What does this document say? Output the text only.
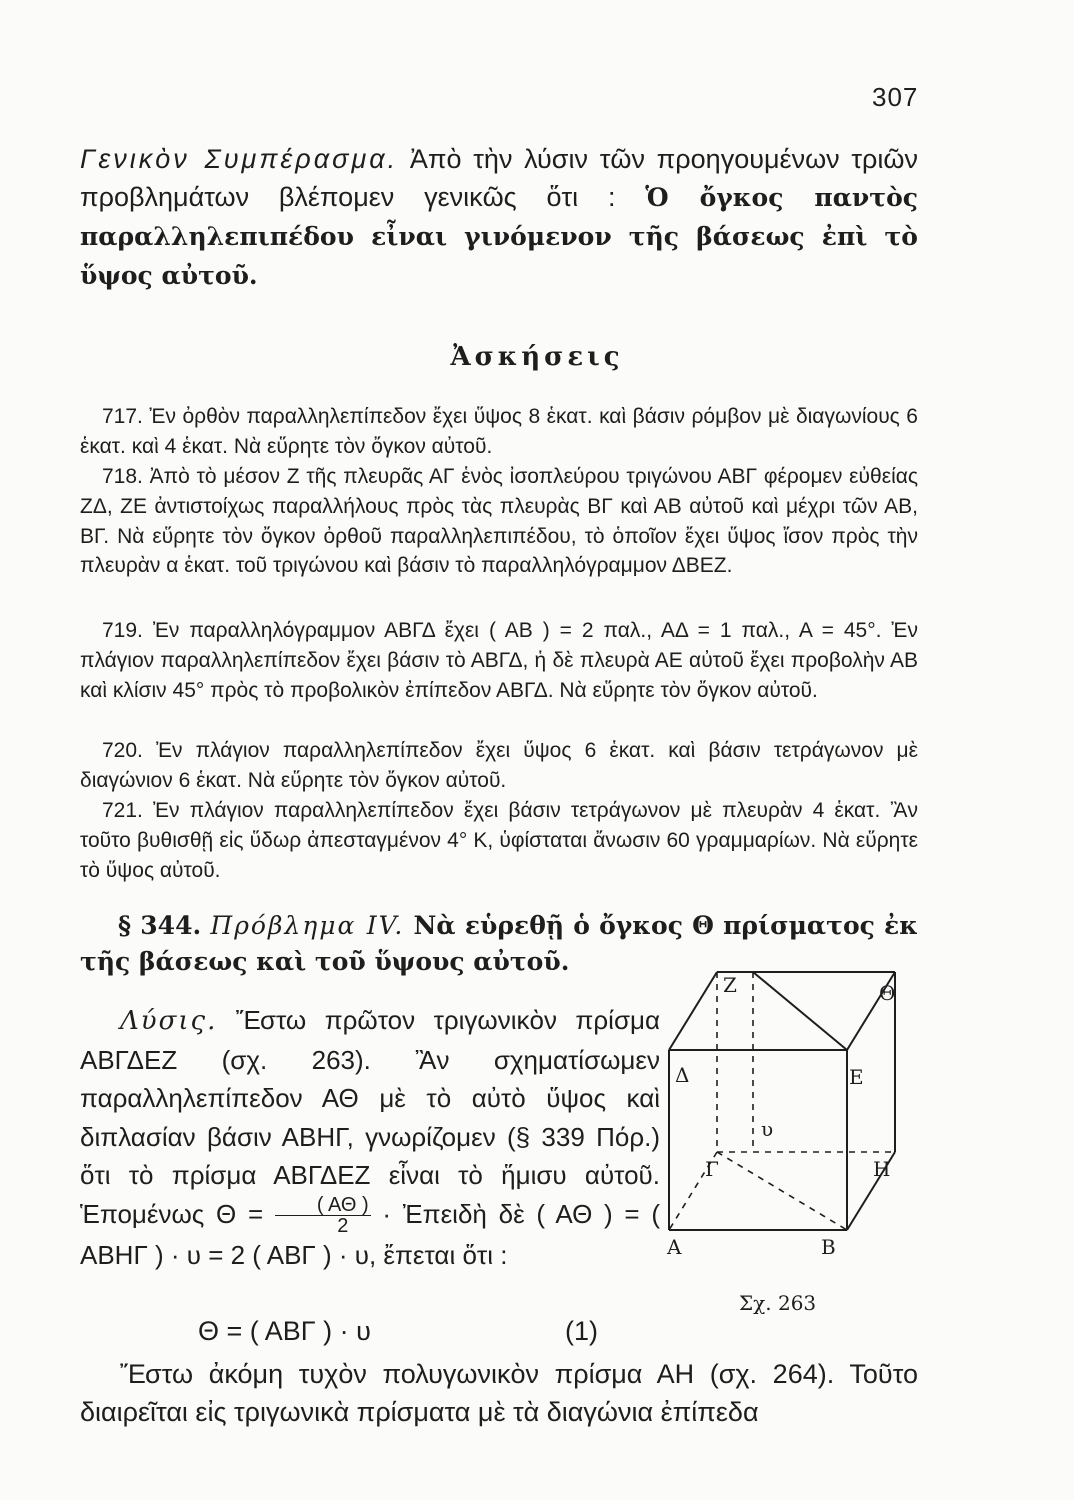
307

Γενικὸν Συμπέρασμα. Ἀπὸ τὴν λύσιν τῶν προηγουμένων τριῶν προβλημάτων βλέπομεν γενικῶς ὅτι : Ὁ ὄγκος παντὸς παραλληλεπιπέδου εἶναι γινόμενον τῆς βάσεως ἐπὶ τὸ ὕψος αὐτοῦ.

Ἀσκήσεις

717. Ἐν ὀρθὸν παραλληλεπίπεδον ἔχει ὕψος 8 ἑκατ. καὶ βάσιν ρόμβον μὲ διαγωνίους 6 ἑκατ. καὶ 4 ἑκατ. Νὰ εὕρητε τὸν ὄγκον αὐτοῦ.

718. Ἀπὸ τὸ μέσον Ζ τῆς πλευρᾶς ΑΓ ἑνὸς ἰσοπλεύρου τριγώνου ΑΒΓ φέρομεν εὐθείας ΖΔ, ΖΕ ἀντιστοίχως παραλλήλους πρὸς τὰς πλευρὰς ΒΓ καὶ ΑΒ αὐτοῦ καὶ μέχρι τῶν ΑΒ, ΒΓ. Νὰ εὕρητε τὸν ὄγκον ὀρθοῦ παραλληλεπιπέδου, τὸ ὁποῖον ἔχει ὕψος ἴσον πρὸς τὴν πλευρὰν α ἑκατ. τοῦ τριγώνου καὶ βάσιν τὸ παραλληλόγραμμον ΔΒΕΖ.

719. Ἐν παραλληλόγραμμον ΑΒΓΔ ἔχει ( ΑΒ ) = 2 παλ., ΑΔ = 1 παλ., Α = 45°. Ἐν πλάγιον παραλληλεπίπεδον ἔχει βάσιν τὸ ΑΒΓΔ, ἡ δὲ πλευρὰ ΑΕ αὐτοῦ ἔχει προβολὴν ΑΒ καὶ κλίσιν 45° πρὸς τὸ προβολικὸν ἐπίπεδον ΑΒΓΔ. Νὰ εὕρητε τὸν ὄγκον αὐτοῦ.

720. Ἐν πλάγιον παραλληλεπίπεδον ἔχει ὕψος 6 ἑκατ. καὶ βάσιν τετράγωνον μὲ διαγώνιον 6 ἑκατ. Νὰ εὕρητε τὸν ὄγκον αὐτοῦ.

721. Ἐν πλάγιον παραλληλεπίπεδον ἔχει βάσιν τετράγωνον μὲ πλευρὰν 4 ἑκατ. Ἂν τοῦτο βυθισθῇ εἰς ὕδωρ ἀπεσταγμένον 4° Κ, ὑφίσταται ἄνωσιν 60 γραμμαρίων. Νὰ εὕρητε τὸ ὕψος αὐτοῦ.

§ 344. Πρόβλημα IV. Νὰ εὑρεθῇ ὁ ὄγκος Θ πρίσματος ἐκ τῆς βάσεως καὶ τοῦ ὕψους αὐτοῦ.

Λύσις. Ἔστω πρῶτον τριγωνικὸν πρίσμα ΑΒΓΔΕΖ (σχ. 263). Ἂν σχηματίσωμεν παραλληλεπίπεδον ΑΘ μὲ τὸ αὐτὸ ὕψος καὶ διπλασίαν βάσιν ΑΒΗΓ, γνωρίζομεν (§ 339 Πόρ.) ὅτι τὸ πρίσμα ΑΒΓΔΕΖ εἶναι τὸ ἥμισυ αὐτοῦ. Ἑπομένως $\Theta = \frac{( A\Theta )}{2}$ · Ἐπειδὴ δὲ ( ΑΘ ) = ( ΑΒΗΓ ) · υ = 2 ( ΑΒΓ ) · υ, ἔπεται ὅτι :

Θ = ( ΑΒΓ ) · υ	(1)

Ἔστω ἀκόμη τυχὸν πολυγωνικὸν πρίσμα ΑΗ (σχ. 264). Τοῦτο διαιρεῖται εἰς τριγωνικὰ πρίσματα μὲ τὰ διαγώνια ἐπίπεδα

Ζ	Θ
Δ	Ε
υ
Γ	Η
Α	Β
Σχ. 263
